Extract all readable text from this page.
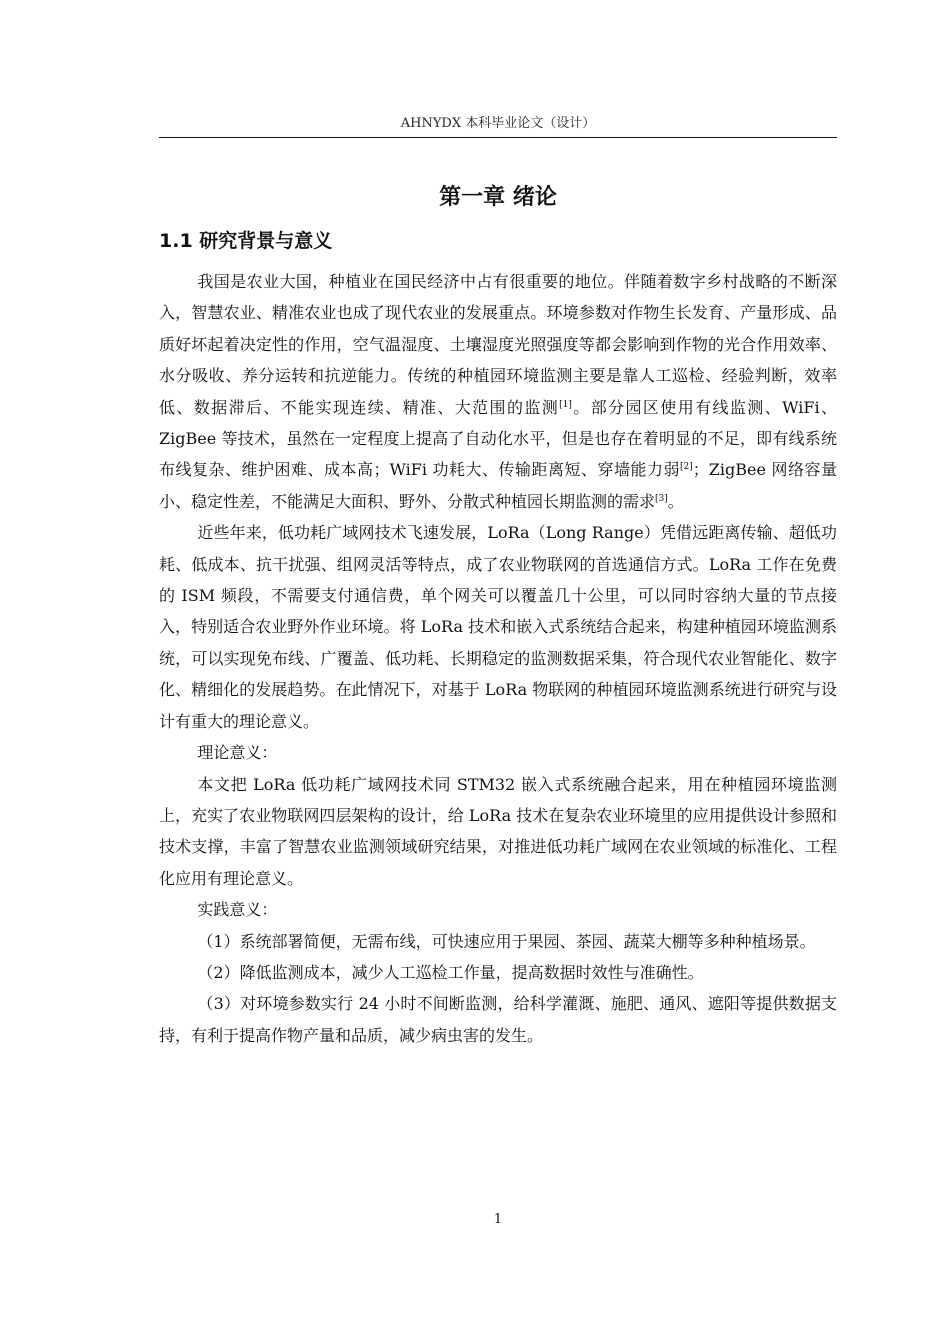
AHNYDX 本科毕业论文（设计）
第一章 绪论
1.1 研究背景与意义

我国是农业大国，种植业在国民经济中占有很重要的地位。伴随着数字乡村战略的不断深入，智慧农业、精准农业也成了现代农业的发展重点。环境参数对作物生长发育、产量形成、品质好坏起着决定性的作用，空气温湿度、土壤湿度光照强度等都会影响到作物的光合作用效率、水分吸收、养分运转和抗逆能力。传统的种植园环境监测主要是靠人工巡检、经验判断，效率低、数据滞后、不能实现连续、精准、大范围的监测[1]。部分园区使用有线监测、WiFi、ZigBee 等技术，虽然在一定程度上提高了自动化水平，但是也存在着明显的不足，即有线系统布线复杂、维护困难、成本高；WiFi 功耗大、传输距离短、穿墙能力弱[2]；ZigBee 网络容量小、稳定性差，不能满足大面积、野外、分散式种植园长期监测的需求[3]。

近些年来，低功耗广域网技术飞速发展，LoRa（Long Range）凭借远距离传输、超低功耗、低成本、抗干扰强、组网灵活等特点，成了农业物联网的首选通信方式。LoRa 工作在免费的 ISM 频段，不需要支付通信费，单个网关可以覆盖几十公里，可以同时容纳大量的节点接入，特别适合农业野外作业环境。将 LoRa 技术和嵌入式系统结合起来，构建种植园环境监测系统，可以实现免布线、广覆盖、低功耗、长期稳定的监测数据采集，符合现代农业智能化、数字化、精细化的发展趋势。在此情况下，对基于 LoRa 物联网的种植园环境监测系统进行研究与设计有重大的理论意义。

理论意义：

本文把 LoRa 低功耗广域网技术同 STM32 嵌入式系统融合起来，用在种植园环境监测上，充实了农业物联网四层架构的设计，给 LoRa 技术在复杂农业环境里的应用提供设计参照和技术支撑，丰富了智慧农业监测领域研究结果，对推进低功耗广域网在农业领域的标准化、工程化应用有理论意义。

实践意义：

（1）系统部署简便，无需布线，可快速应用于果园、茶园、蔬菜大棚等多种种植场景。

（2）降低监测成本，减少人工巡检工作量，提高数据时效性与准确性。

（3）对环境参数实行 24 小时不间断监测，给科学灌溉、施肥、通风、遮阳等提供数据支持，有利于提高作物产量和品质，减少病虫害的发生。

1
